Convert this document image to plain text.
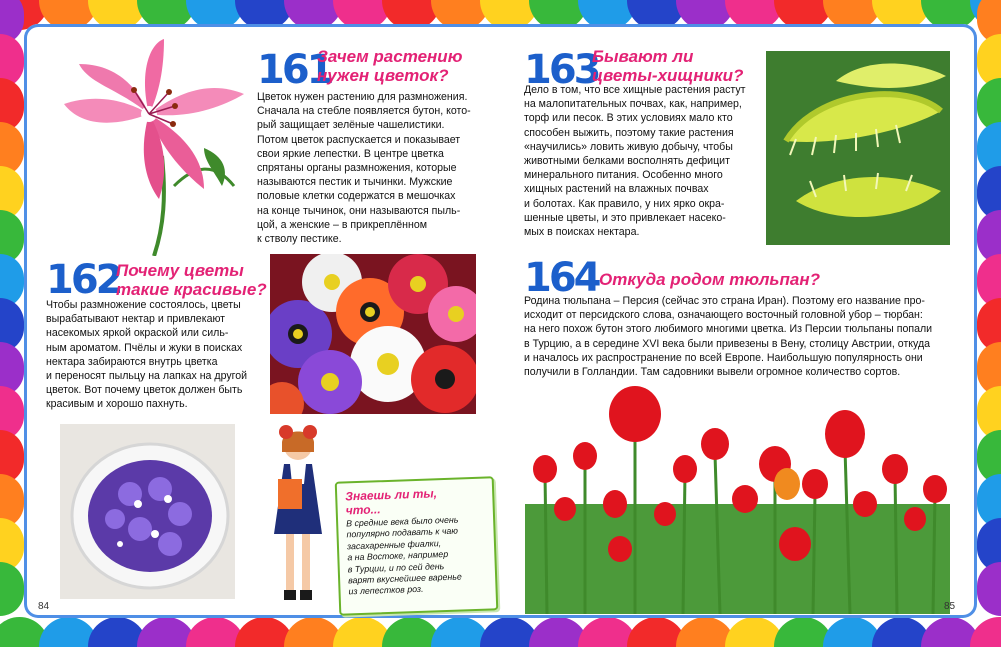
161
Зачем растению
нужен цветок?
Цветок нужен растению для размножения.
Сначала на стебле появляется бутон, кото-
рый защищает зелёные чашелистики.
Потом цветок распускается и показывает
свои яркие лепестки. В центре цветка
спрятаны органы размножения, которые
называются пестик и тычинки. Мужские
половые клетки содержатся в мешочках
на конце тычинок, они называются пыль-
цой, а женские – в прикреплённом
к стволу пестике.
162
Почему цветы
такие красивые?
Чтобы размножение состоялось, цветы
вырабатывают нектар и привлекают
насекомых яркой окраской или силь-
ным ароматом. Пчёлы и жуки в поисках
нектара забираются внутрь цветка
и переносят пыльцу на лапках на другой
цветок. Вот почему цветок должен быть
красивым и хорошо пахнуть.
Знаешь ли ты,
что...
В средние века было очень
популярно подавать к чаю
засахаренные фиалки,
а на Востоке, например
в Турции, и по сей день
варят вкуснейшее варенье
из лепестков роз.
84
163
Бывают ли
цветы-хищники?
Дело в том, что все хищные растения растут
на малопитательных почвах, как, например,
торф или песок. В этих условиях мало кто
способен выжить, поэтому такие растения
«научились» ловить живую добычу, чтобы
животными белками восполнять дефицит
минерального питания. Особенно много
хищных растений на влажных почвах
и болотах. Как правило, у них ярко окра-
шенные цветы, и это привлекает насеко-
мых в поисках нектара.
164 Откуда родом тюльпан?
Родина тюльпана – Персия (сейчас это страна Иран). Поэтому его название про-
исходит от персидского слова, означающего восточный головной убор – тюрбан:
на него похож бутон этого любимого многими цветка. Из Персии тюльпаны попали
в Турцию, а в середине XVI века были привезены в Вену, столицу Австрии, откуда
и началось их распространение по всей Европе. Наибольшую популярность они
получили в Голландии. Там садовники вывели огромное количество сортов.
85
